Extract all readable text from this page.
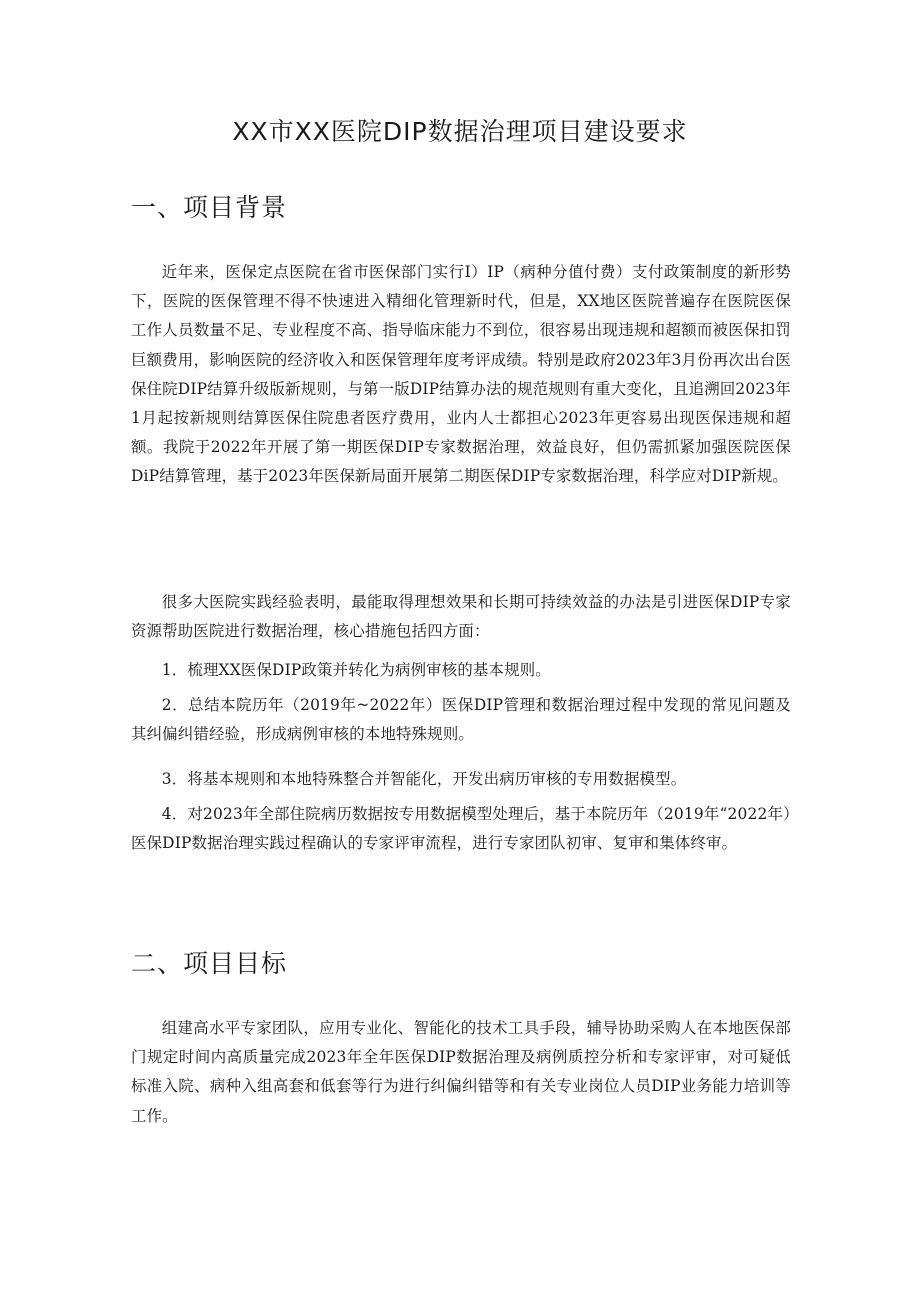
XX市XX医院DIP数据治理项目建设要求
一、项目背景

近年来，医保定点医院在省市医保部门实行I）IP（病种分值付费）支付政策制度的新形势下，医院的医保管理不得不快速进入精细化管理新时代，但是，XX地区医院普遍存在医院医保工作人员数量不足、专业程度不高、指导临床能力不到位，很容易出现违规和超额而被医保扣罚巨额费用，影响医院的经济收入和医保管理年度考评成绩。特别是政府2023年3月份再次出台医保住院DIP结算升级版新规则，与第一版DIP结算办法的规范规则有重大变化，且追溯回2023年1月起按新规则结算医保住院患者医疗费用，业内人士都担心2023年更容易出现医保违规和超额。我院于2022年开展了第一期医保DIP专家数据治理，效益良好，但仍需抓紧加强医院医保DiP结算管理，基于2023年医保新局面开展第二期医保DIP专家数据治理，科学应对DIP新规。

很多大医院实践经验表明，最能取得理想效果和长期可持续效益的办法是引进医保DIP专家资源帮助医院进行数据治理，核心措施包括四方面：

1．梳理XX医保DIP政策并转化为病例审核的基本规则。

2．总结本院历年（2019年~2022年）医保DIP管理和数据治理过程中发现的常见问题及其纠偏纠错经验，形成病例审核的本地特殊规则。

3．将基本规则和本地特殊整合并智能化，开发出病历审核的专用数据模型。

4．对2023年全部住院病历数据按专用数据模型处理后，基于本院历年（2019年“2022年）医保DIP数据治理实践过程确认的专家评审流程，进行专家团队初审、复审和集体终审。

二、项目目标

组建高水平专家团队，应用专业化、智能化的技术工具手段，辅导协助采购人在本地医保部门规定时间内高质量完成2023年全年医保DIP数据治理及病例质控分析和专家评审，对可疑低标准入院、病种入组高套和低套等行为进行纠偏纠错等和有关专业岗位人员DIP业务能力培训等工作。
